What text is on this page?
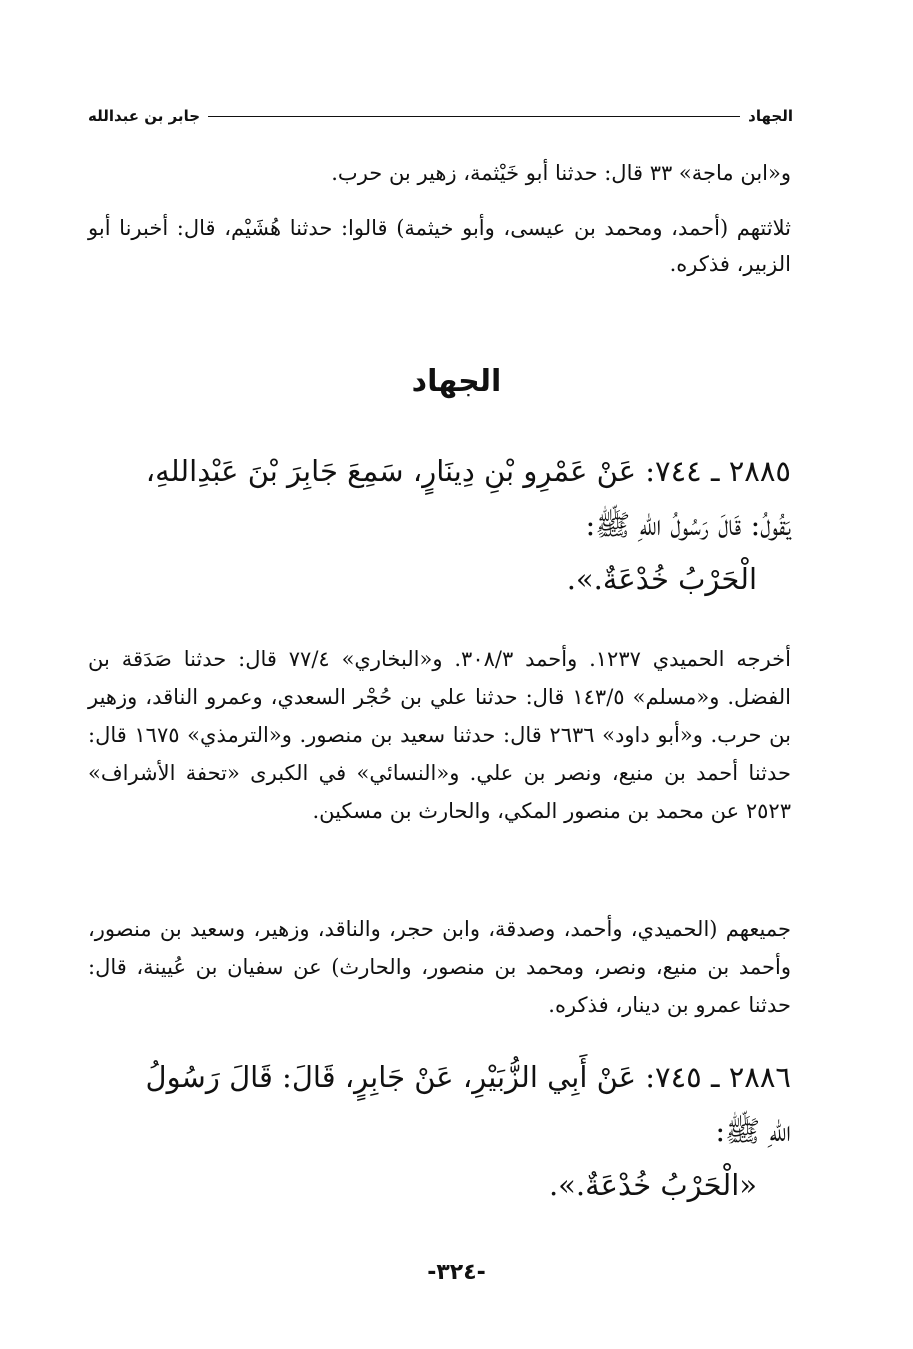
الجهاد
جابر بن عبدالله
و«ابن ماجة» ٣٣ قال: حدثنا أبو خَيْثمة، زهير بن حرب.
ثلاثتهم (أحمد، ومحمد بن عيسى، وأبو خيثمة) قالوا: حدثنا هُشَيْم، قال: أخبرنا أبو الزبير، فذكره.
الجهاد
٢٨٨٥ ـ ٧٤٤: عَنْ عَمْرِو بْنِ دِينَارٍ، سَمِعَ جَابِرَ بْنَ عَبْدِاللهِ،
يَقُولُ: قَالَ رَسُولُ اللهِ ﷺ:
الْحَرْبُ خُدْعَةٌ.».
أخرجه الحميدي ١٢٣٧. وأحمد ٣٠٨/٣. و«البخاري» ٧٧/٤ قال: حدثنا صَدَقة بن الفضل. و«مسلم» ١٤٣/٥ قال: حدثنا علي بن حُجْر السعدي، وعمرو الناقد، وزهير بن حرب. و«أبو داود» ٢٦٣٦ قال: حدثنا سعيد بن منصور. و«الترمذي» ١٦٧٥ قال: حدثنا أحمد بن منيع، ونصر بن علي. و«النسائي» في الكبرى «تحفة الأشراف» ٢٥٢٣ عن محمد بن منصور المكي، والحارث بن مسكين.
جميعهم (الحميدي، وأحمد، وصدقة، وابن حجر، والناقد، وزهير، وسعيد بن منصور، وأحمد بن منيع، ونصر، ومحمد بن منصور، والحارث) عن سفيان بن عُيينة، قال: حدثنا عمرو بن دينار، فذكره.
٢٨٨٦ ـ ٧٤٥: عَنْ أَبِي الزُّبَيْرِ، عَنْ جَابِرٍ، قَالَ: قَالَ رَسُولُ
اللهِ ﷺ:
«الْحَرْبُ خُدْعَةٌ.».
-٣٢٤-
